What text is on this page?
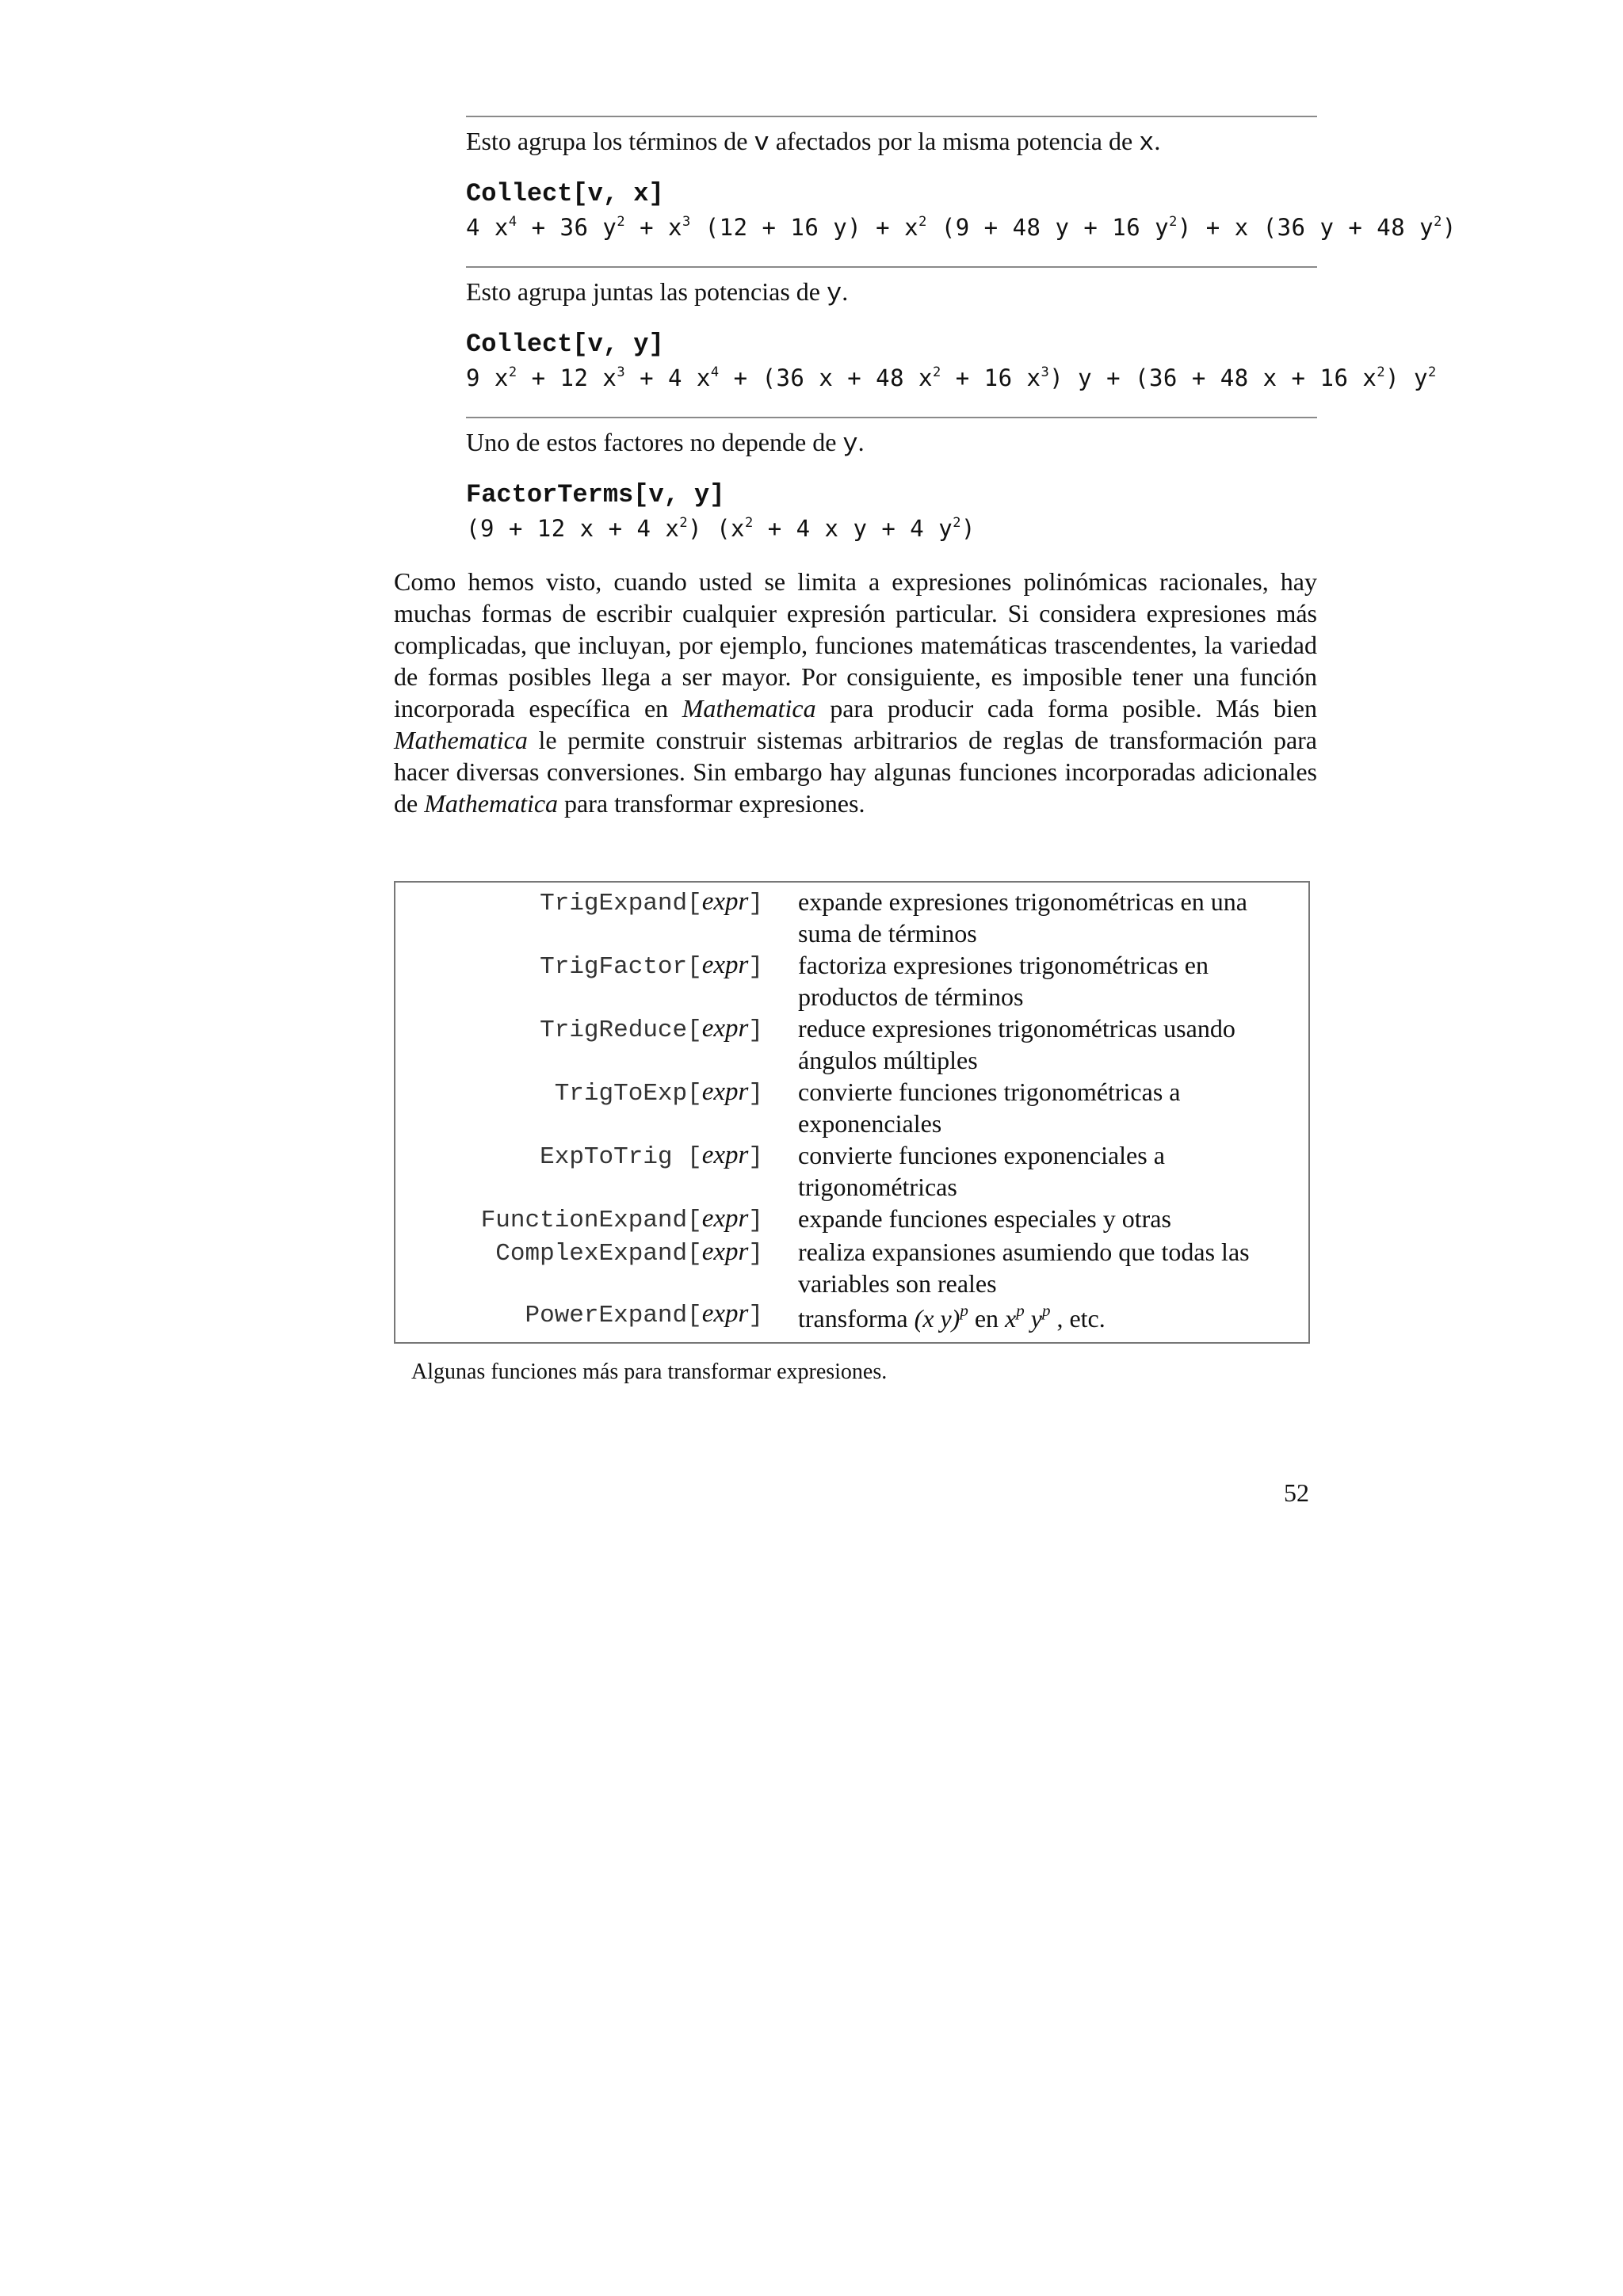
Esto agrupa los términos de v afectados por la misma potencia de x.
Collect[v, x]
4 $x^4 + 36$ $y^2 + x^3$ (12 + 16 $y) + x^2$ (9 + 48 y + 16 $y^2) + x$ (36 y + 48 $y^2$)
Esto agrupa juntas las potencias de y.
Collect[v, y]
9 $x^2 + 12$ $x^3 + 4$ $x^4 + (36$ x + 48 $x^2 + 16$ $x^3$) y + (36 + 48 x + 16 $x^2$) $y^2$
Uno de estos factores no depende de y.
FactorTerms[v, y]
(9 + 12 x + 4 $x^2$) ($x^2 + 4$ x y + 4 $y^2$)
Como hemos visto, cuando usted se limita a expresiones polinómicas racionales, hay muchas formas de escribir cualquier expresión particular. Si considera expresiones más complicadas, que incluyan, por ejemplo, funciones matemáticas trascendentes, la variedad de formas posibles llega a ser mayor. Por consiguiente, es imposible tener una función incorporada específica en Mathematica para producir cada forma posible. Más bien Mathematica le permite construir sistemas arbitrarios de reglas de transformación para hacer diversas conversiones. Sin embargo hay algunas funciones incorporadas adicionales de Mathematica para transformar expresiones.
TrigExpand[expr] expande expresiones trigonométricas en una suma de términos
TrigFactor[expr] factoriza expresiones trigonométricas en productos de términos
TrigReduce[expr] reduce expresiones trigonométricas usando ángulos múltiples
TrigToExp[expr] convierte funciones trigonométricas a exponenciales
ExpToTrig [expr] convierte funciones exponenciales a trigonométricas
FunctionExpand[expr] expande funciones especiales y otras
ComplexExpand[expr] realiza expansiones asumiendo que todas las variables son reales
PowerExpand[expr] transforma (x y)$^p$ en $x^p$ $y^p$ , etc.
Algunas funciones más para transformar expresiones.
52
